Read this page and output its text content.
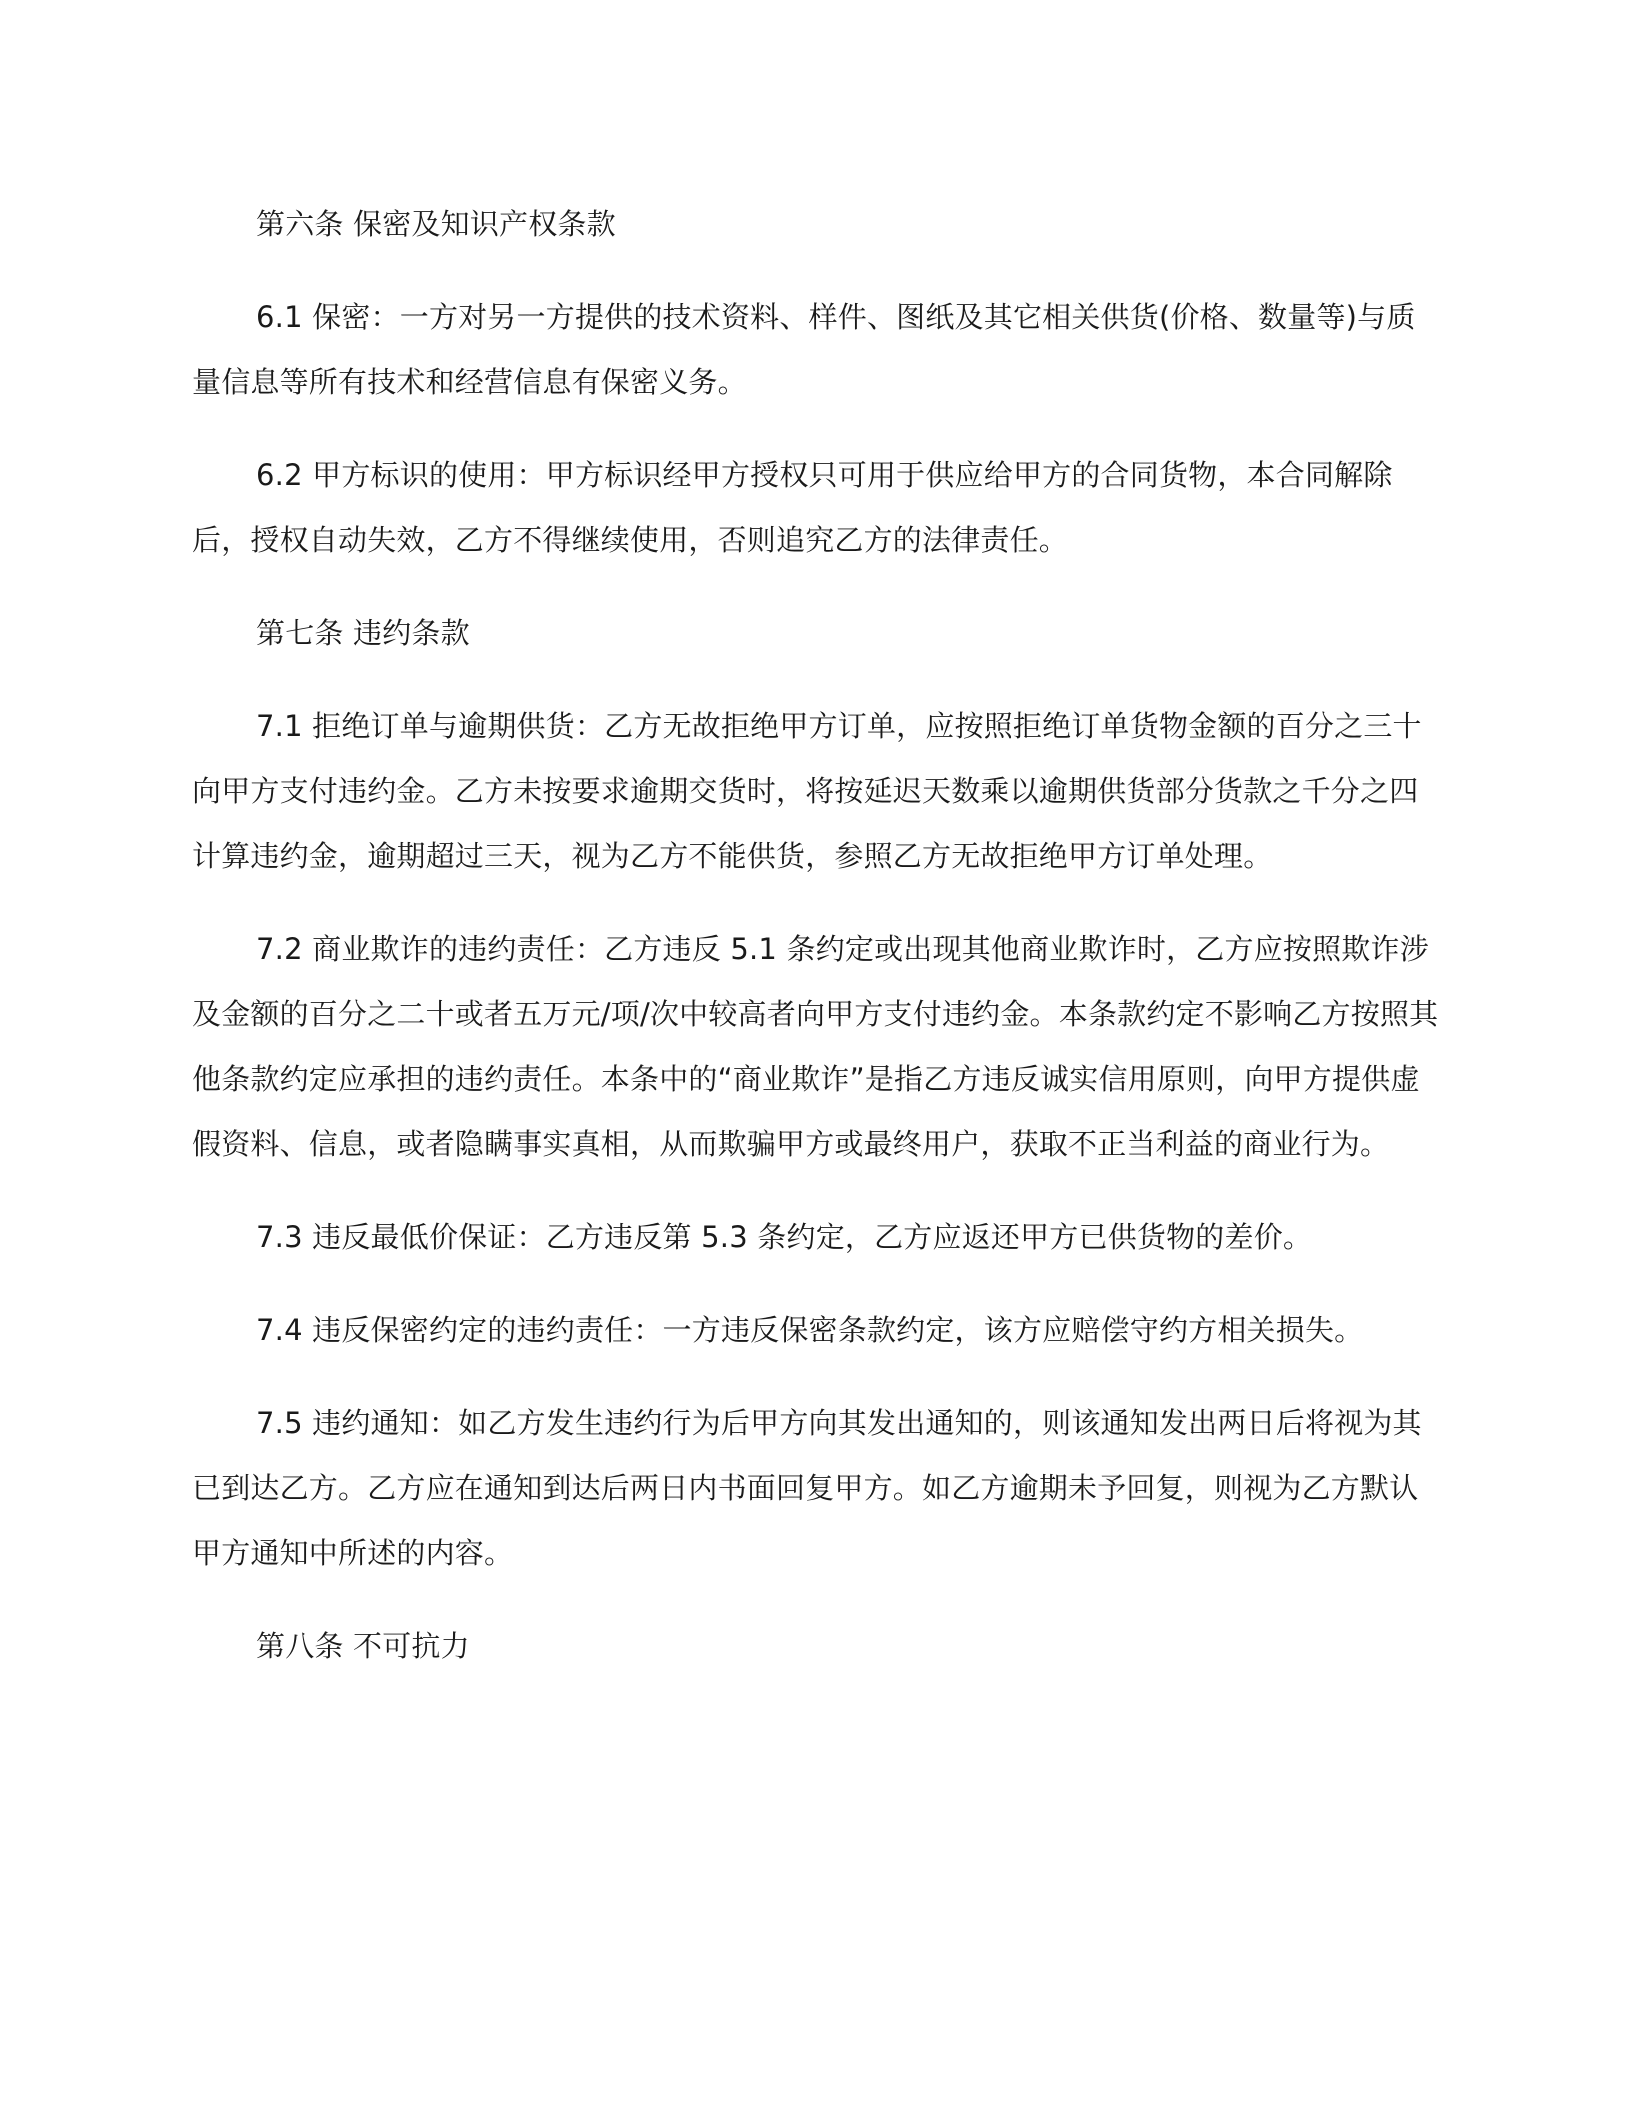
第六条 保密及知识产权条款

6.1 保密：一方对另一方提供的技术资料、样件、图纸及其它相关供货(价格、数量等)与质量信息等所有技术和经营信息有保密义务。

6.2 甲方标识的使用：甲方标识经甲方授权只可用于供应给甲方的合同货物，本合同解除后，授权自动失效，乙方不得继续使用，否则追究乙方的法律责任。

第七条 违约条款

7.1 拒绝订单与逾期供货：乙方无故拒绝甲方订单，应按照拒绝订单货物金额的百分之三十向甲方支付违约金。乙方未按要求逾期交货时，将按延迟天数乘以逾期供货部分货款之千分之四计算违约金，逾期超过三天，视为乙方不能供货，参照乙方无故拒绝甲方订单处理。

7.2 商业欺诈的违约责任：乙方违反 5.1 条约定或出现其他商业欺诈时，乙方应按照欺诈涉及金额的百分之二十或者五万元/项/次中较高者向甲方支付违约金。本条款约定不影响乙方按照其他条款约定应承担的违约责任。本条中的“商业欺诈”是指乙方违反诚实信用原则，向甲方提供虚假资料、信息，或者隐瞒事实真相，从而欺骗甲方或最终用户，获取不正当利益的商业行为。

7.3 违反最低价保证：乙方违反第 5.3 条约定，乙方应返还甲方已供货物的差价。

7.4 违反保密约定的违约责任：一方违反保密条款约定，该方应赔偿守约方相关损失。

7.5 违约通知：如乙方发生违约行为后甲方向其发出通知的，则该通知发出两日后将视为其已到达乙方。乙方应在通知到达后两日内书面回复甲方。如乙方逾期未予回复，则视为乙方默认甲方通知中所述的内容。

第八条 不可抗力
